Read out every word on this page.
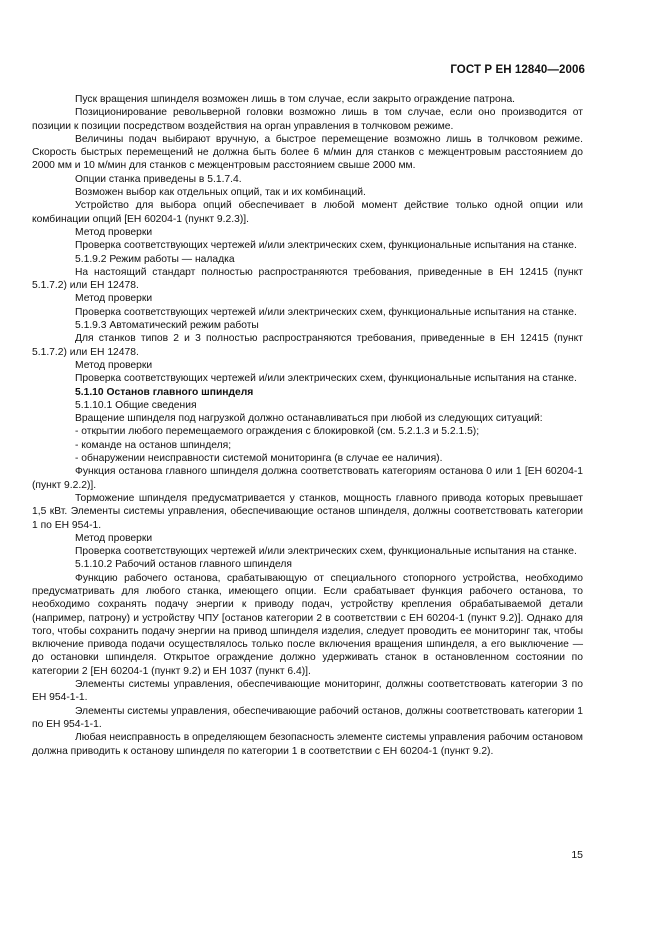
ГОСТ Р ЕН 12840—2006

Пуск вращения шпинделя возможен лишь в том случае, если закрыто ограждение патрона.

Позиционирование револьверной головки возможно лишь в том случае, если оно производится от позиции к позиции посредством воздействия на орган управления в толчковом режиме.

Величины подач выбирают вручную, а быстрое перемещение возможно лишь в толчковом режиме. Скорость быстрых перемещений не должна быть более 6 м/мин для станков с межцентровым расстоянием до 2000 мм и 10 м/мин для станков с межцентровым расстоянием свыше 2000 мм.

Опции станка приведены в 5.1.7.4.

Возможен выбор как отдельных опций, так и их комбинаций.

Устройство для выбора опций обеспечивает в любой момент действие только одной опции или комбинации опций [ЕН 60204-1 (пункт 9.2.3)].

Метод проверки

Проверка соответствующих чертежей и/или электрических схем, функциональные испытания на станке.

5.1.9.2 Режим работы — наладка

На настоящий стандарт полностью распространяются требования, приведенные в ЕН 12415 (пункт 5.1.7.2) или ЕН 12478.

Метод проверки

Проверка соответствующих чертежей и/или электрических схем, функциональные испытания на станке.

5.1.9.3 Автоматический режим работы

Для станков типов 2 и 3 полностью распространяются требования, приведенные в ЕН 12415 (пункт 5.1.7.2) или ЕН 12478.

Метод проверки

Проверка соответствующих чертежей и/или электрических схем, функциональные испытания на станке.

5.1.10 Останов главного шпинделя

5.1.10.1 Общие сведения

Вращение шпинделя под нагрузкой должно останавливаться при любой из следующих ситуаций:

- открытии любого перемещаемого ограждения с блокировкой (см. 5.2.1.3 и 5.2.1.5);

- команде на останов шпинделя;

- обнаружении неисправности системой мониторинга (в случае ее наличия).

Функция останова главного шпинделя должна соответствовать категориям останова 0 или 1 [ЕН 60204-1 (пункт 9.2.2)].

Торможение шпинделя предусматривается у станков, мощность главного привода которых превышает 1,5 кВт. Элементы системы управления, обеспечивающие останов шпинделя, должны соответствовать категории 1 по ЕН 954-1.

Метод проверки

Проверка соответствующих чертежей и/или электрических схем, функциональные испытания на станке.

5.1.10.2 Рабочий останов главного шпинделя

Функцию рабочего останова, срабатывающую от специального стопорного устройства, необходимо предусматривать для любого станка, имеющего опции. Если срабатывает функция рабочего останова, то необходимо сохранять подачу энергии к приводу подач, устройству крепления обрабатываемой детали (например, патрону) и устройству ЧПУ [останов категории 2 в соответствии с ЕН 60204-1 (пункт 9.2)]. Однако для того, чтобы сохранить подачу энергии на привод шпинделя изделия, следует проводить ее мониторинг так, чтобы включение привода подачи осуществлялось только после включения вращения шпинделя, а его выключение — до остановки шпинделя. Открытое ограждение должно удерживать станок в остановленном состоянии по категории 2 [ЕН 60204-1 (пункт 9.2) и ЕН 1037 (пункт 6.4)].

Элементы системы управления, обеспечивающие мониторинг, должны соответствовать категории 3 по ЕН 954-1-1.

Элементы системы управления, обеспечивающие рабочий останов, должны соответствовать категории 1 по ЕН 954-1-1.

Любая неисправность в определяющем безопасность элементе системы управления рабочим остановом должна приводить к останову шпинделя по категории 1 в соответствии с ЕН 60204-1 (пункт 9.2).

15
